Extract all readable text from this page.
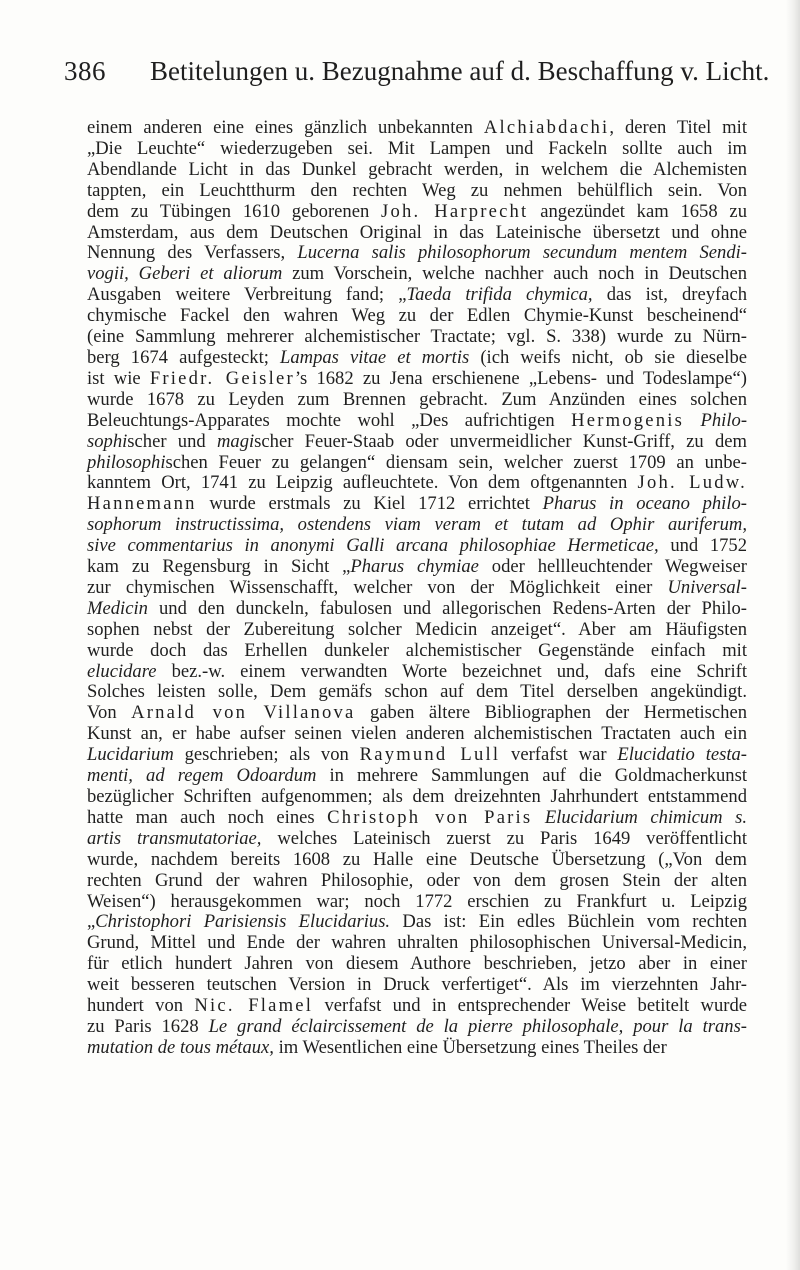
386 Betitelungen u. Bezugnahme auf d. Beschaffung v. Licht.

einem anderen eine eines gänzlich unbekannten Alchiabdachi, deren Titel mit

„Die Leuchte“ wiederzugeben sei. Mit Lampen und Fackeln sollte auch im

Abendlande Licht in das Dunkel gebracht werden, in welchem die Alchemisten

tappten, ein Leuchtthurm den rechten Weg zu nehmen behülflich sein. Von

dem zu Tübingen 1610 geborenen Joh. Harprecht angezündet kam 1658 zu

Amsterdam, aus dem Deutschen Original in das Lateinische übersetzt und ohne

Nennung des Verfassers, Lucerna salis philosophorum secundum mentem Sendi-

vogii, Geberi et aliorum zum Vorschein, welche nachher auch noch in Deutschen

Ausgaben weitere Verbreitung fand; „Taeda trifida chymica, das ist, dreyfach

chymische Fackel den wahren Weg zu der Edlen Chymie-Kunst bescheinend“

(eine Sammlung mehrerer alchemistischer Tractate; vgl. S. 338) wurde zu Nürn-

berg 1674 aufgesteckt; Lampas vitae et mortis (ich weifs nicht, ob sie dieselbe

ist wie Friedr. Geisler’s 1682 zu Jena erschienene „Lebens- und Todeslampe“)

wurde 1678 zu Leyden zum Brennen gebracht. Zum Anzünden eines solchen

Beleuchtungs-Apparates mochte wohl „Des aufrichtigen Hermogenis Philo-

sophischer und magischer Feuer-Staab oder unvermeidlicher Kunst-Griff, zu dem

philosophischen Feuer zu gelangen“ diensam sein, welcher zuerst 1709 an unbe-

kanntem Ort, 1741 zu Leipzig aufleuchtete. Von dem oftgenannten Joh. Ludw.

Hannemann wurde erstmals zu Kiel 1712 errichtet Pharus in oceano philo-

sophorum instructissima, ostendens viam veram et tutam ad Ophir auriferum,

sive commentarius in anonymi Galli arcana philosophiae Hermeticae, und 1752

kam zu Regensburg in Sicht „Pharus chymiae oder hellleuchtender Wegweiser

zur chymischen Wissenschafft, welcher von der Möglichkeit einer Universal-

Medicin und den dunckeln, fabulosen und allegorischen Redens-Arten der Philo-

sophen nebst der Zubereitung solcher Medicin anzeiget“. Aber am Häufigsten

wurde doch das Erhellen dunkeler alchemistischer Gegenstände einfach mit

elucidare bez.-w. einem verwandten Worte bezeichnet und, dafs eine Schrift

Solches leisten solle, Dem gemäfs schon auf dem Titel derselben angekündigt.

Von Arnald von Villanova gaben ältere Bibliographen der Hermetischen

Kunst an, er habe aufser seinen vielen anderen alchemistischen Tractaten auch ein

Lucidarium geschrieben; als von Raymund Lull verfafst war Elucidatio testa-

menti, ad regem Odoardum in mehrere Sammlungen auf die Goldmacherkunst

bezüglicher Schriften aufgenommen; als dem dreizehnten Jahrhundert entstammend

hatte man auch noch eines Christoph von Paris Elucidarium chimicum s.

artis transmutatoriae, welches Lateinisch zuerst zu Paris 1649 veröffentlicht

wurde, nachdem bereits 1608 zu Halle eine Deutsche Übersetzung („Von dem

rechten Grund der wahren Philosophie, oder von dem grosen Stein der alten

Weisen“) herausgekommen war; noch 1772 erschien zu Frankfurt u. Leipzig

„Christophori Parisiensis Elucidarius. Das ist: Ein edles Büchlein vom rechten

Grund, Mittel und Ende der wahren uhralten philosophischen Universal-Medicin,

für etlich hundert Jahren von diesem Authore beschrieben, jetzo aber in einer

weit besseren teutschen Version in Druck verfertiget“. Als im vierzehnten Jahr-

hundert von Nic. Flamel verfafst und in entsprechender Weise betitelt wurde

zu Paris 1628 Le grand éclaircissement de la pierre philosophale, pour la trans-

mutation de tous métaux, im Wesentlichen eine Übersetzung eines Theiles der
